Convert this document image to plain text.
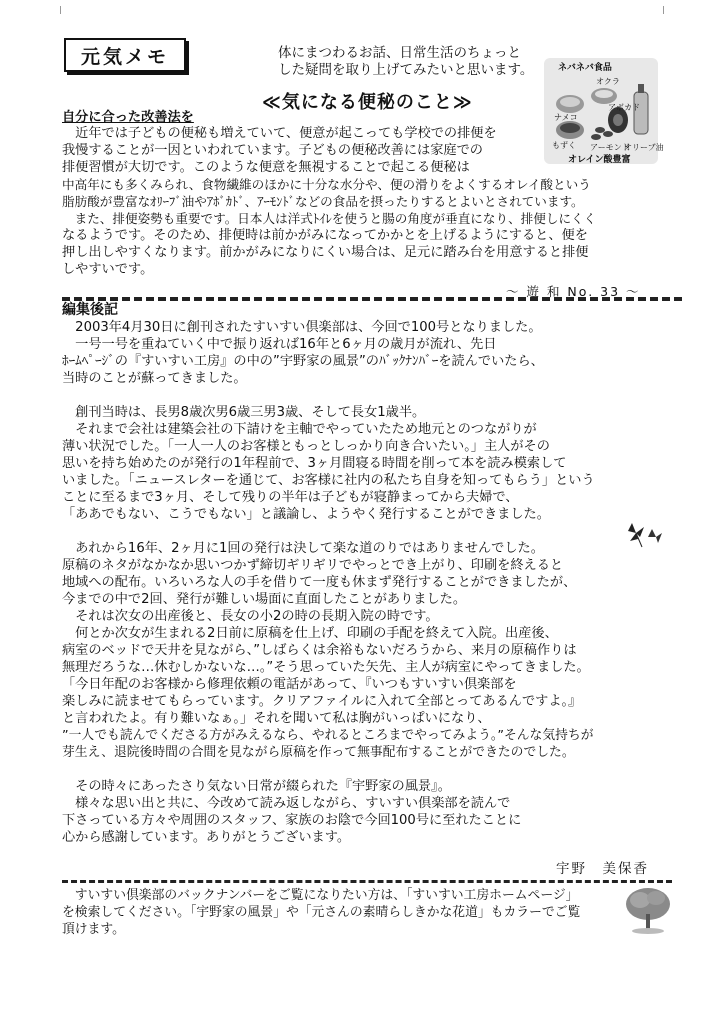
元気メモ	体にまつわるお話、日常生活のちょっと
した疑問を取り上げてみたいと思います。
≪気になる便秘のこと≫
ネバネバ食品
オクラ
ナメコ
もずく
アボカド
アーモンド
オリーブ油
オレイン酸豊富
自分に合った改善法を
　近年では子どもの便秘も増えていて、便意が起こっても学校での排便を
我慢することが一因といわれています。子どもの便秘改善には家庭での
排便習慣が大切です。このような便意を無視することで起こる便秘は
中高年にも多くみられ、食物繊維のほかに十分な水分や、便の滑りをよくするオレイ酸という
脂肪酸が豊富なｵﾘｰﾌﾞ油やｱﾎﾞｶﾄﾞ、ｱｰﾓﾝﾄﾞなどの食品を摂ったりするとよいとされています。
　また、排便姿勢も重要です。日本人は洋式ﾄｲﾚを使うと腸の角度が垂直になり、排便しにくく
なるようです。そのため、排便時は前かがみになってかかとを上げるようにすると、便を
押し出しやすくなります。前かがみになりにくい場合は、足元に踏み台を用意すると排便
しやすいです。
～ 遊 和 No. 33 ～
編集後記
　2003年4月30日に創刊されたすいすい倶楽部は、今回で100号となりました。
　一号一号を重ねていく中で振り返れば16年と6ヶ月の歳月が流れ、先日
ﾎｰﾑﾍﾟｰｼﾞの『すいすい工房』の中の”宇野家の風景”のﾊﾞｯｸﾅﾝﾊﾞｰを読んでいたら、
当時のことが蘇ってきました。
　創刊当時は、長男8歳次男6歳三男3歳、そして長女1歳半。
　それまで会社は建築会社の下請けを主軸でやっていたため地元とのつながりが
薄い状況でした。「一人一人のお客様ともっとしっかり向き合いたい。」主人がその
思いを持ち始めたのが発行の1年程前で、3ヶ月間寝る時間を削って本を読み模索して
いました。「ニュースレターを通じて、お客様に社内の私たち自身を知ってもらう」という
ことに至るまで3ヶ月、そして残りの半年は子どもが寝静まってから夫婦で、
「ああでもない、こうでもない」と議論し、ようやく発行することができました。
　あれから16年、2ヶ月に1回の発行は決して楽な道のりではありませんでした。
原稿のネタがなかなか思いつかず締切ギリギリでやっとでき上がり、印刷を終えると
地域への配布。いろいろな人の手を借りて一度も休まず発行することができましたが、
今までの中で2回、発行が難しい場面に直面したことがありました。
　それは次女の出産後と、長女の小2の時の長期入院の時です。
　何とか次女が生まれる2日前に原稿を仕上げ、印刷の手配を終えて入院。出産後、
病室のベッドで天井を見ながら、”しばらくは余裕もないだろうから、来月の原稿作りは
無理だろうな…休むしかないな…。”そう思っていた矢先、主人が病室にやってきました。
「今日年配のお客様から修理依頼の電話があって、『いつもすいすい倶楽部を
楽しみに読ませてもらっています。クリアファイルに入れて全部とってあるんですよ。』
と言われたよ。有り難いなぁ。」それを聞いて私は胸がいっぱいになり、
”一人でも読んでくださる方がみえるなら、やれるところまでやってみよう。”そんな気持ちが
芽生え、退院後時間の合間を見ながら原稿を作って無事配布することができたのでした。
　その時々にあったさり気ない日常が綴られた『宇野家の風景』。
　様々な思い出と共に、今改めて読み返しながら、すいすい倶楽部を読んで
下さっている方々や周囲のスタッフ、家族のお陰で今回100号に至れたことに
心から感謝しています。ありがとうございます。
宇野　美保香
　すいすい倶楽部のバックナンバーをご覧になりたい方は、「すいすい工房ホームページ」
を検索してください。「宇野家の風景」や「元さんの素晴らしきかな花道」もカラーでご覧
頂けます。
